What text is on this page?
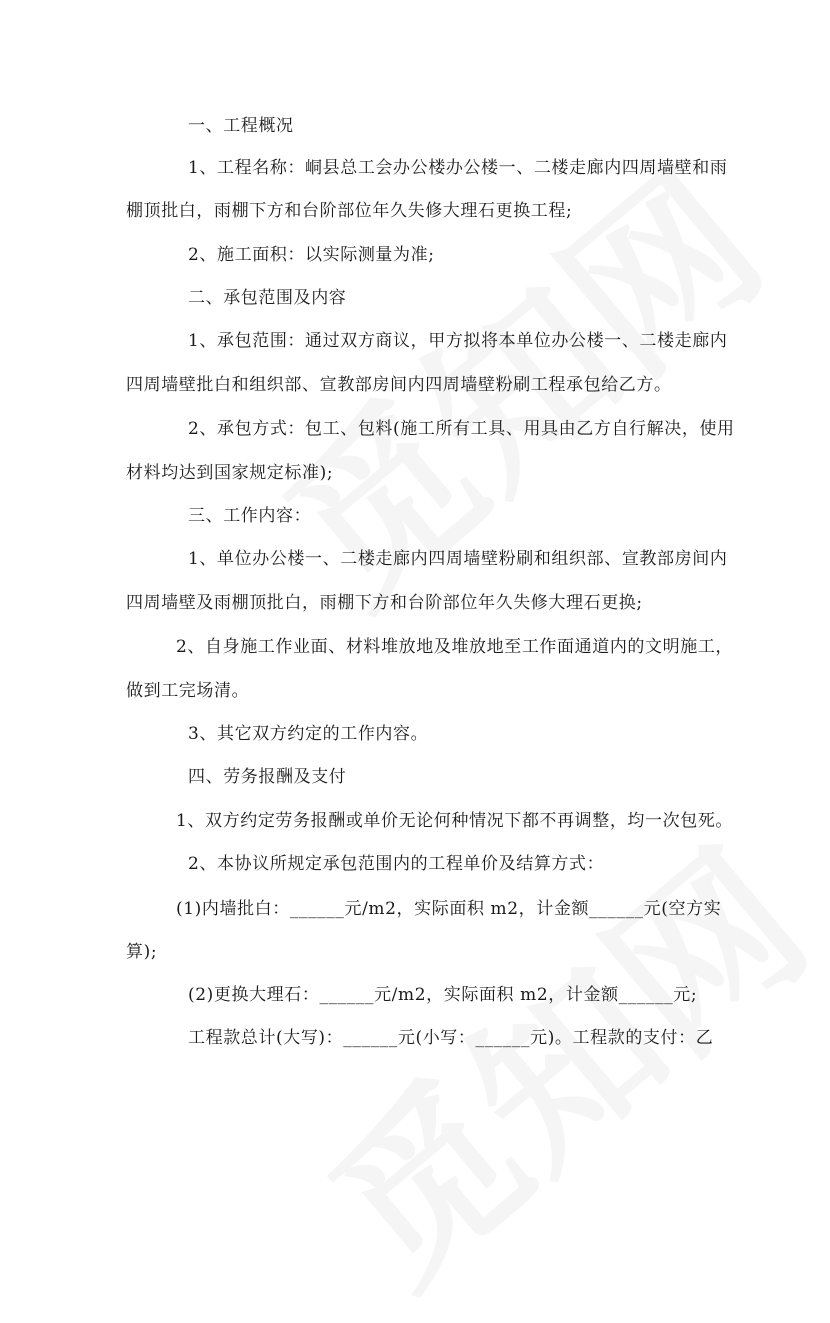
一、工程概况

1、工程名称：峒县总工会办公楼办公楼一、二楼走廊内四周墙壁和雨

棚顶批白，雨棚下方和台阶部位年久失修大理石更换工程;

2、施工面积：以实际测量为准;

二、承包范围及内容

1、承包范围：通过双方商议，甲方拟将本单位办公楼一、二楼走廊内

四周墙壁批白和组织部、宣教部房间内四周墙壁粉刷工程承包给乙方。

2、承包方式：包工、包料(施工所有工具、用具由乙方自行解决，使用

材料均达到国家规定标准);

三、工作内容：

1、单位办公楼一、二楼走廊内四周墙壁粉刷和组织部、宣教部房间内

四周墙壁及雨棚顶批白，雨棚下方和台阶部位年久失修大理石更换;

2、自身施工作业面、材料堆放地及堆放地至工作面通道内的文明施工，

做到工完场清。

3、其它双方约定的工作内容。

四、劳务报酬及支付

1、双方约定劳务报酬或单价无论何种情况下都不再调整，均一次包死。

2、本协议所规定承包范围内的工程单价及结算方式：

(1)内墙批白：______元/m2，实际面积 m2，计金额______元(空方实

算);

(2)更换大理石：______元/m2，实际面积 m2，计金额______元;

工程款总计(大写)：______元(小写：______元)。工程款的支付：乙
